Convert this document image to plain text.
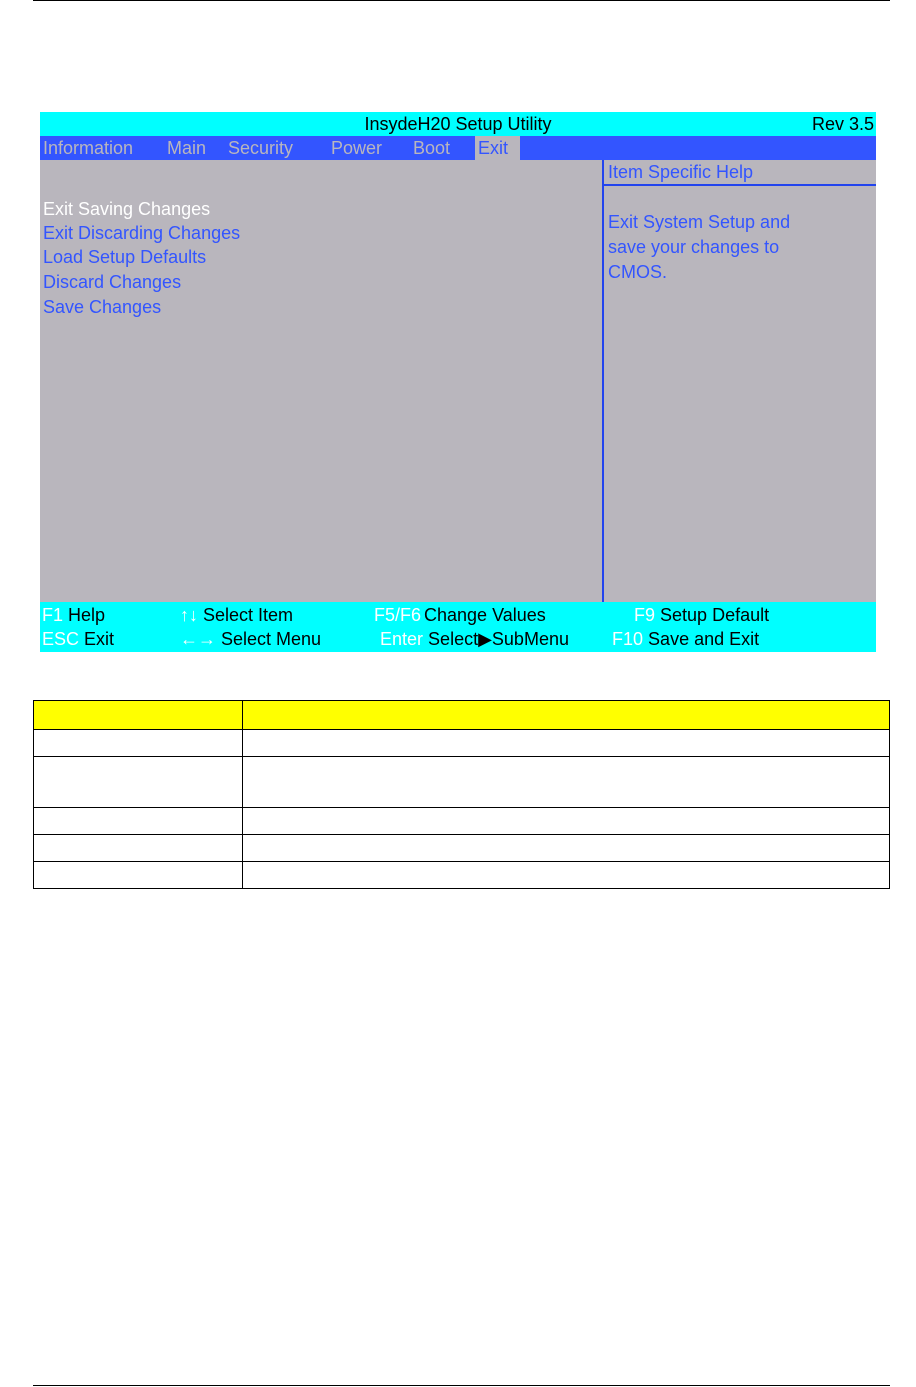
InsydeH20 Setup Utility	Rev 3.5
Information Main Security Power Boot Exit
Exit Saving Changes
Exit Discarding Changes
Load Setup Defaults
Discard Changes
Save Changes
Item Specific Help
Exit System Setup and
save your changes to
CMOS.
F1 Help
ESC Exit
↑↓ Select Item
←→ Select Menu
F5/F6 Change Values
Enter Select▶SubMenu
F9 Setup Default
F10 Save and Exit
